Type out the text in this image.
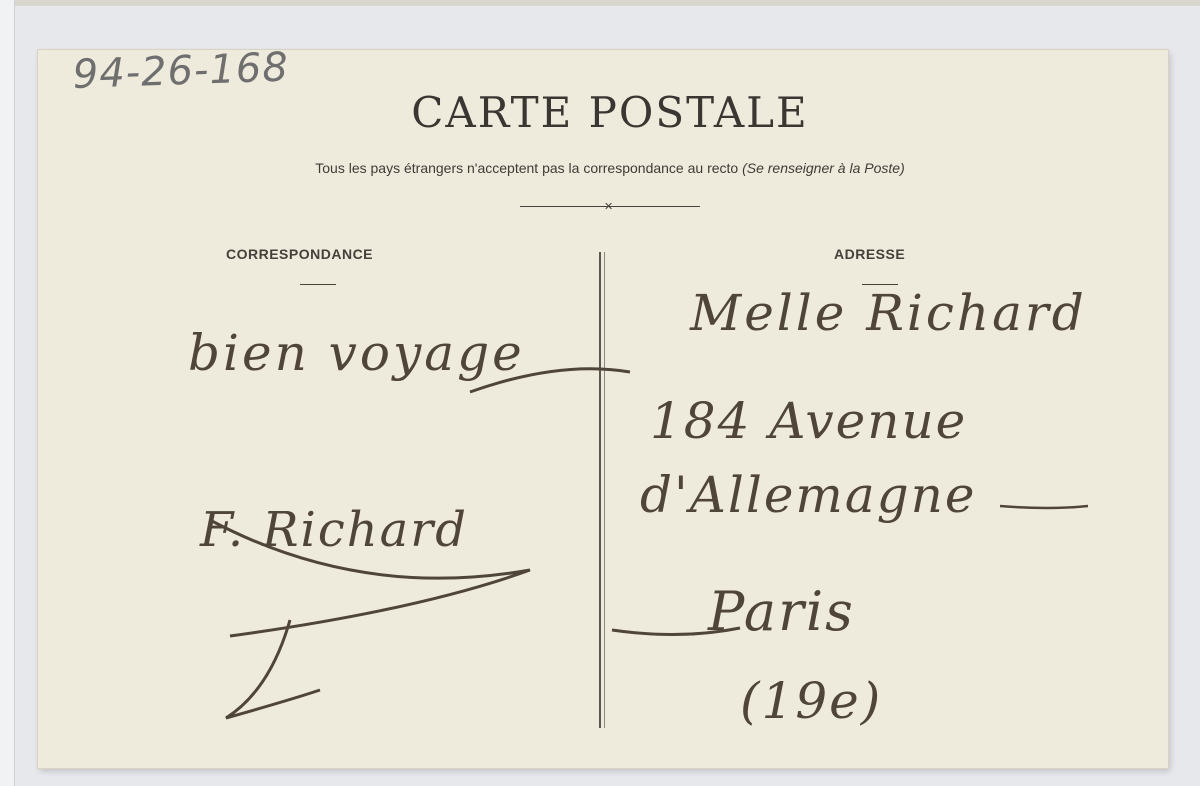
94-26-168
CARTE POSTALE
Tous les pays étrangers n'acceptent pas la correspondance au recto (Se renseigner à la Poste)
✕
CORRESPONDANCE	ADRESSE
bien voyage
F. Richard
Melle Richard
184 Avenue
d'Allemagne
Paris
(19e)
